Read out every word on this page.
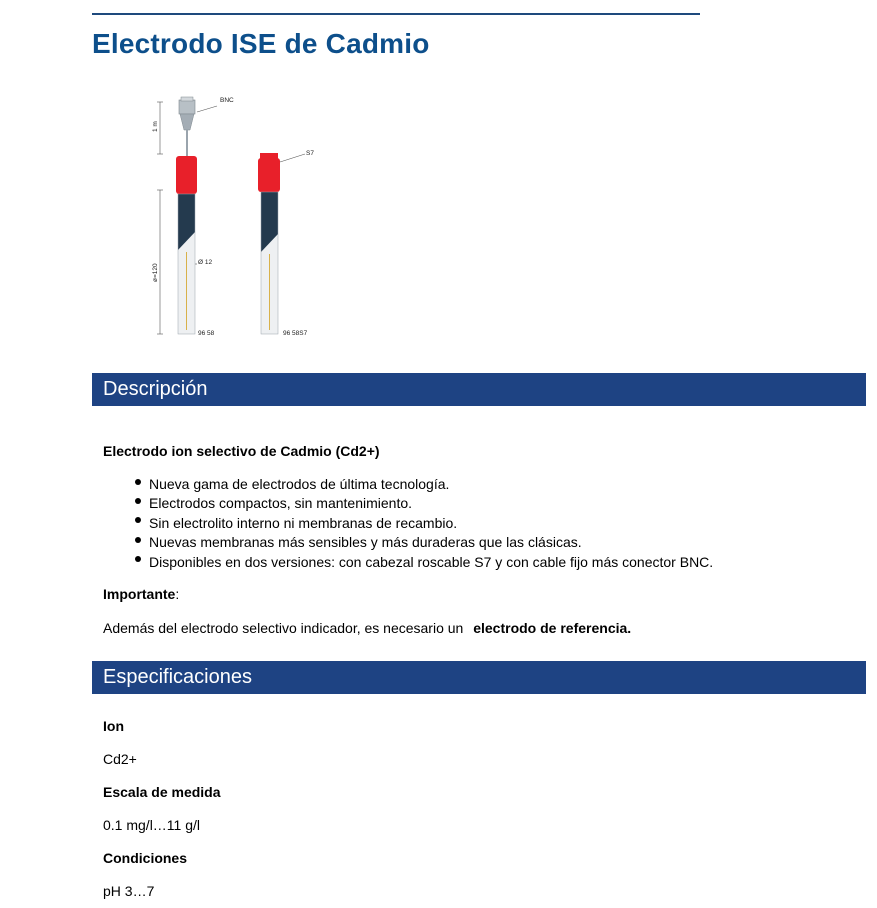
Electrodo ISE de Cadmio
1 m
ø=120
BNC
Ø 12
96 58
S7
96 58S7
Descripción
Electrodo ion selectivo de Cadmio (Cd2+)
Nueva gama de electrodos de última tecnología.
Electrodos compactos, sin mantenimiento.
Sin electrolito interno ni membranas de recambio.
Nuevas membranas más sensibles y más duraderas que las clásicas.
Disponibles en dos versiones: con cabezal roscable S7 y con cable fijo más conector BNC.
Importante:
Además del electrodo selectivo indicador, es necesario un electrodo de referencia.
Especificaciones
Ion
Cd2+
Escala de medida
0.1 mg/l…11 g/l
Condiciones
pH 3…7
